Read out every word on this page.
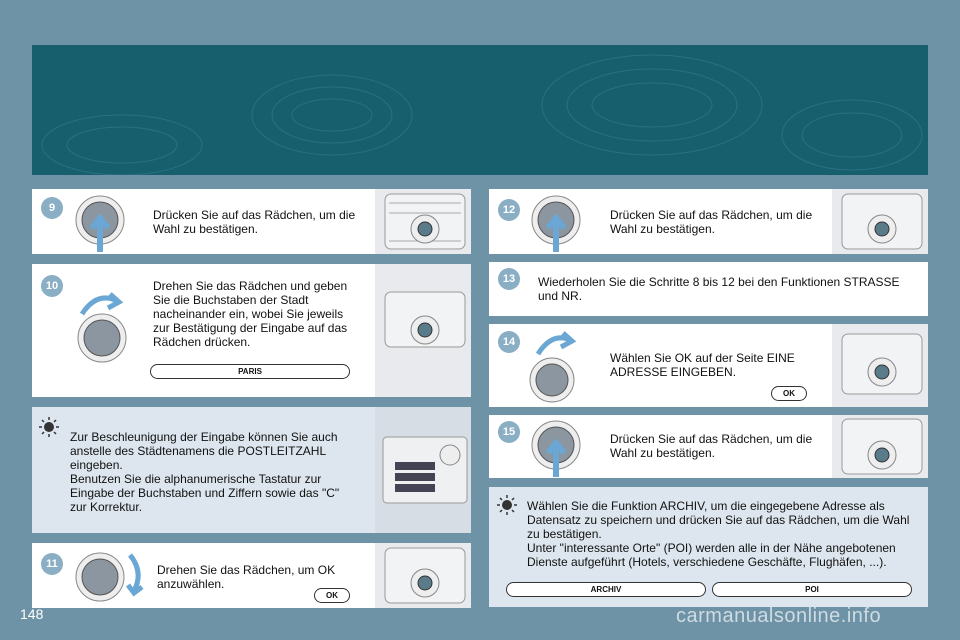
9	Drücken Sie auf das Rädchen, um die Wahl zu bestätigen.
10	Drehen Sie das Rädchen und geben Sie die Buchstaben der Stadt nacheinander ein, wobei Sie jeweils zur Bestätigung der Eingabe auf das Rädchen drücken.
PARIS
Zur Beschleunigung der Eingabe können Sie auch anstelle des Städtenamens die POSTLEITZAHL eingeben.
Benutzen Sie die alphanumerische Tastatur zur Eingabe der Buchstaben und Ziffern sowie das "C" zur Korrektur.
11	Drehen Sie das Rädchen, um OK anzuwählen.
OK
12	Drücken Sie auf das Rädchen, um die Wahl zu bestätigen.
13	Wiederholen Sie die Schritte 8 bis 12 bei den Funktionen STRASSE und NR.
14
Wählen Sie OK auf der Seite EINE ADRESSE EINGEBEN.
OK
15	Drücken Sie auf das Rädchen, um die Wahl zu bestätigen.
Wählen Sie die Funktion ARCHIV, um die eingegebene Adresse als Datensatz zu speichern und drücken Sie auf das Rädchen, um die Wahl zu bestätigen.
Unter "interessante Orte" (POI) werden alle in der Nähe angebotenen Dienste aufgeführt (Hotels, verschiedene Geschäfte, Flughäfen, ...).
ARCHIV	POI
148	carmanualsonline.info
